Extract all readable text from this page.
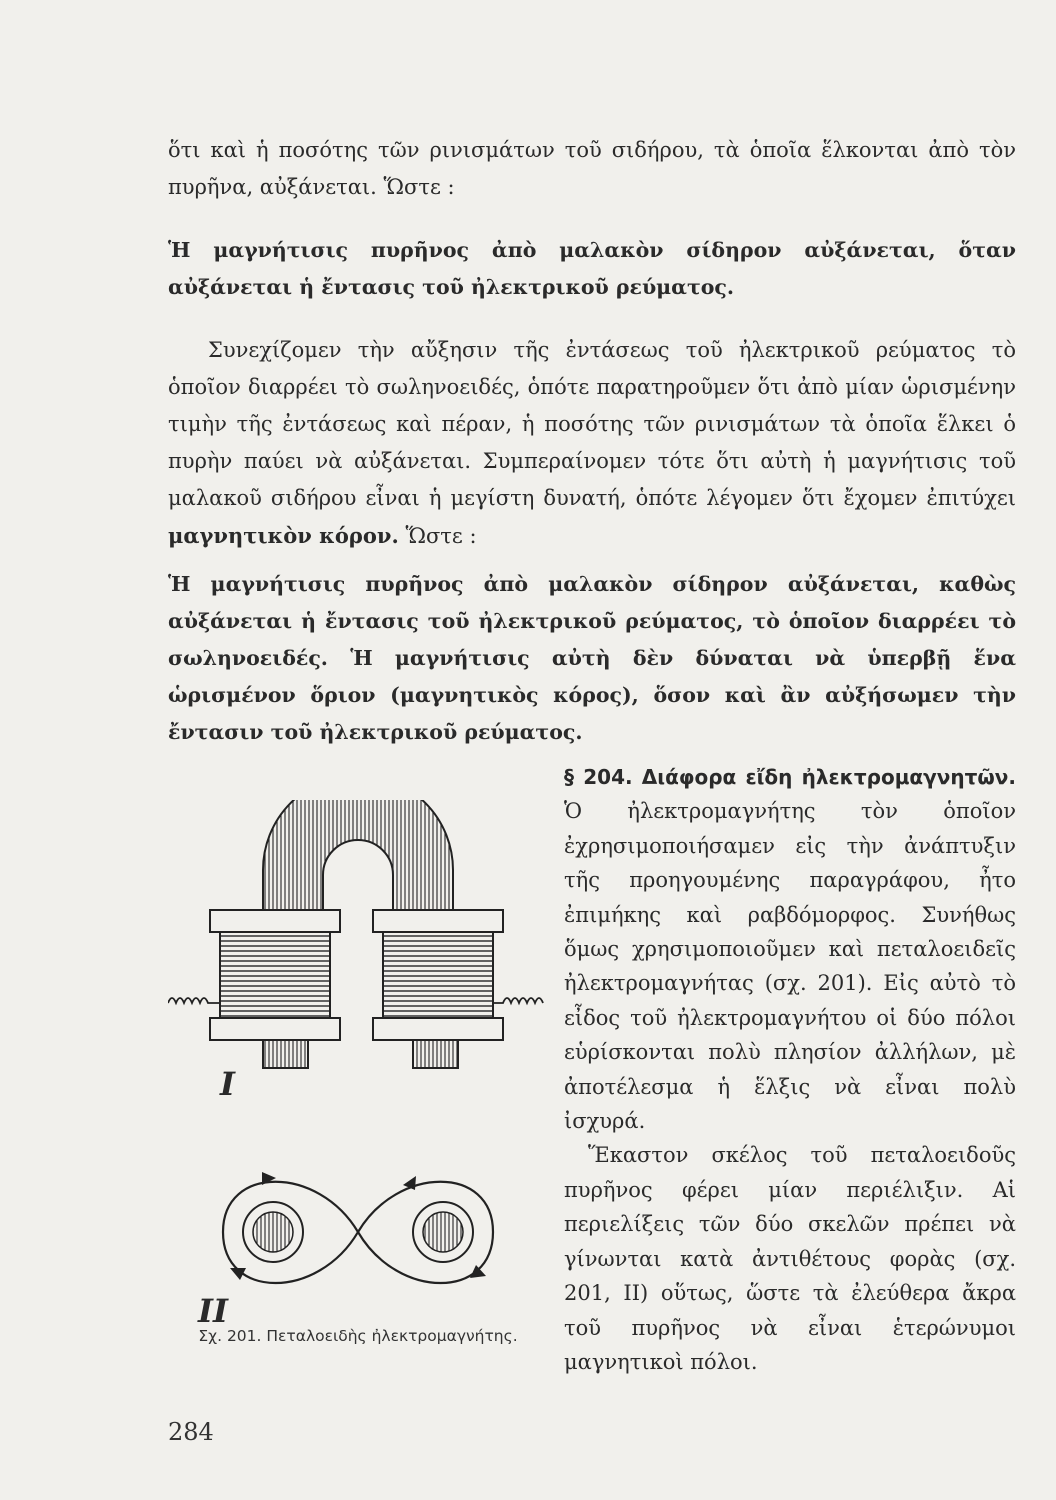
ὅτι καὶ ἡ ποσότης τῶν ρινισμάτων τοῦ σιδήρου, τὰ ὁποῖα ἕλκονται ἀπὸ τὸν πυρῆνα, αὐξάνεται. Ὥστε :

Ἡ μαγνήτισις πυρῆνος ἀπὸ μαλακὸν σίδηρον αὐξάνεται, ὅταν αὐξάνεται ἡ ἔντασις τοῦ ἠλεκτρικοῦ ρεύματος.

Συνεχίζομεν τὴν αὔξησιν τῆς ἐντάσεως τοῦ ἠλεκτρικοῦ ρεύματος τὸ ὁποῖον διαρρέει τὸ σωληνοειδές, ὁπότε παρατηροῦμεν ὅτι ἀπὸ μίαν ὡρισμένην τιμὴν τῆς ἐντάσεως καὶ πέραν, ἡ ποσότης τῶν ρινισμάτων τὰ ὁποῖα ἕλκει ὁ πυρὴν παύει νὰ αὐξάνεται. Συμπεραίνομεν τότε ὅτι αὐτὴ ἡ μαγνήτισις τοῦ μαλακοῦ σιδήρου εἶναι ἡ μεγίστη δυνατή, ὁπότε λέγομεν ὅτι ἔχομεν ἐπιτύχει μαγνητικὸν κόρον. Ὥστε :

Ἡ μαγνήτισις πυρῆνος ἀπὸ μαλακὸν σίδηρον αὐξάνεται, καθὼς αὐξάνεται ἡ ἔντασις τοῦ ἠλεκτρικοῦ ρεύματος, τὸ ὁποῖον διαρρέει τὸ σωληνοειδές. Ἡ μαγνήτισις αὐτὴ δὲν δύναται νὰ ὑπερβῇ ἕνα ὡρισμένον ὅριον (μαγνητικὸς κόρος), ὅσον καὶ ἂν αὐξήσωμεν τὴν ἔντασιν τοῦ ἠλεκτρικοῦ ρεύματος.

I
II

§ 204. Διάφορα εἴδη ἠλεκτρομαγνητῶν. Ὁ ἠλεκτρομαγνήτης τὸν ὁποῖον ἐχρησιμοποιήσαμεν εἰς τὴν ἀνάπτυξιν τῆς προηγουμένης παραγράφου, ἦτο ἐπιμήκης καὶ ραβδόμορφος. Συνήθως ὅμως χρησιμοποιοῦμεν καὶ πεταλοειδεῖς ἠλεκτρομαγνήτας (σχ. 201). Εἰς αὐτὸ τὸ εἶδος τοῦ ἠλεκτρομαγνήτου οἱ δύο πόλοι εὑρίσκονται πολὺ πλησίον ἀλλήλων, μὲ ἀποτέλεσμα ἡ ἕλξις νὰ εἶναι πολὺ ἰσχυρά.
Ἕκαστον σκέλος τοῦ πεταλοειδοῦς πυρῆνος φέρει μίαν περιέλιξιν. Αἱ περιελίξεις τῶν δύο σκελῶν πρέπει νὰ γίνωνται κατὰ ἀντιθέτους φορὰς (σχ. 201, II) οὕτως, ὥστε τὰ ἐλεύθερα ἄκρα τοῦ πυρῆνος νὰ εἶναι ἑτερώνυμοι μαγνητικοὶ πόλοι.

Σχ. 201. Πεταλοειδὴς ἠλεκτρομαγνήτης.
284
